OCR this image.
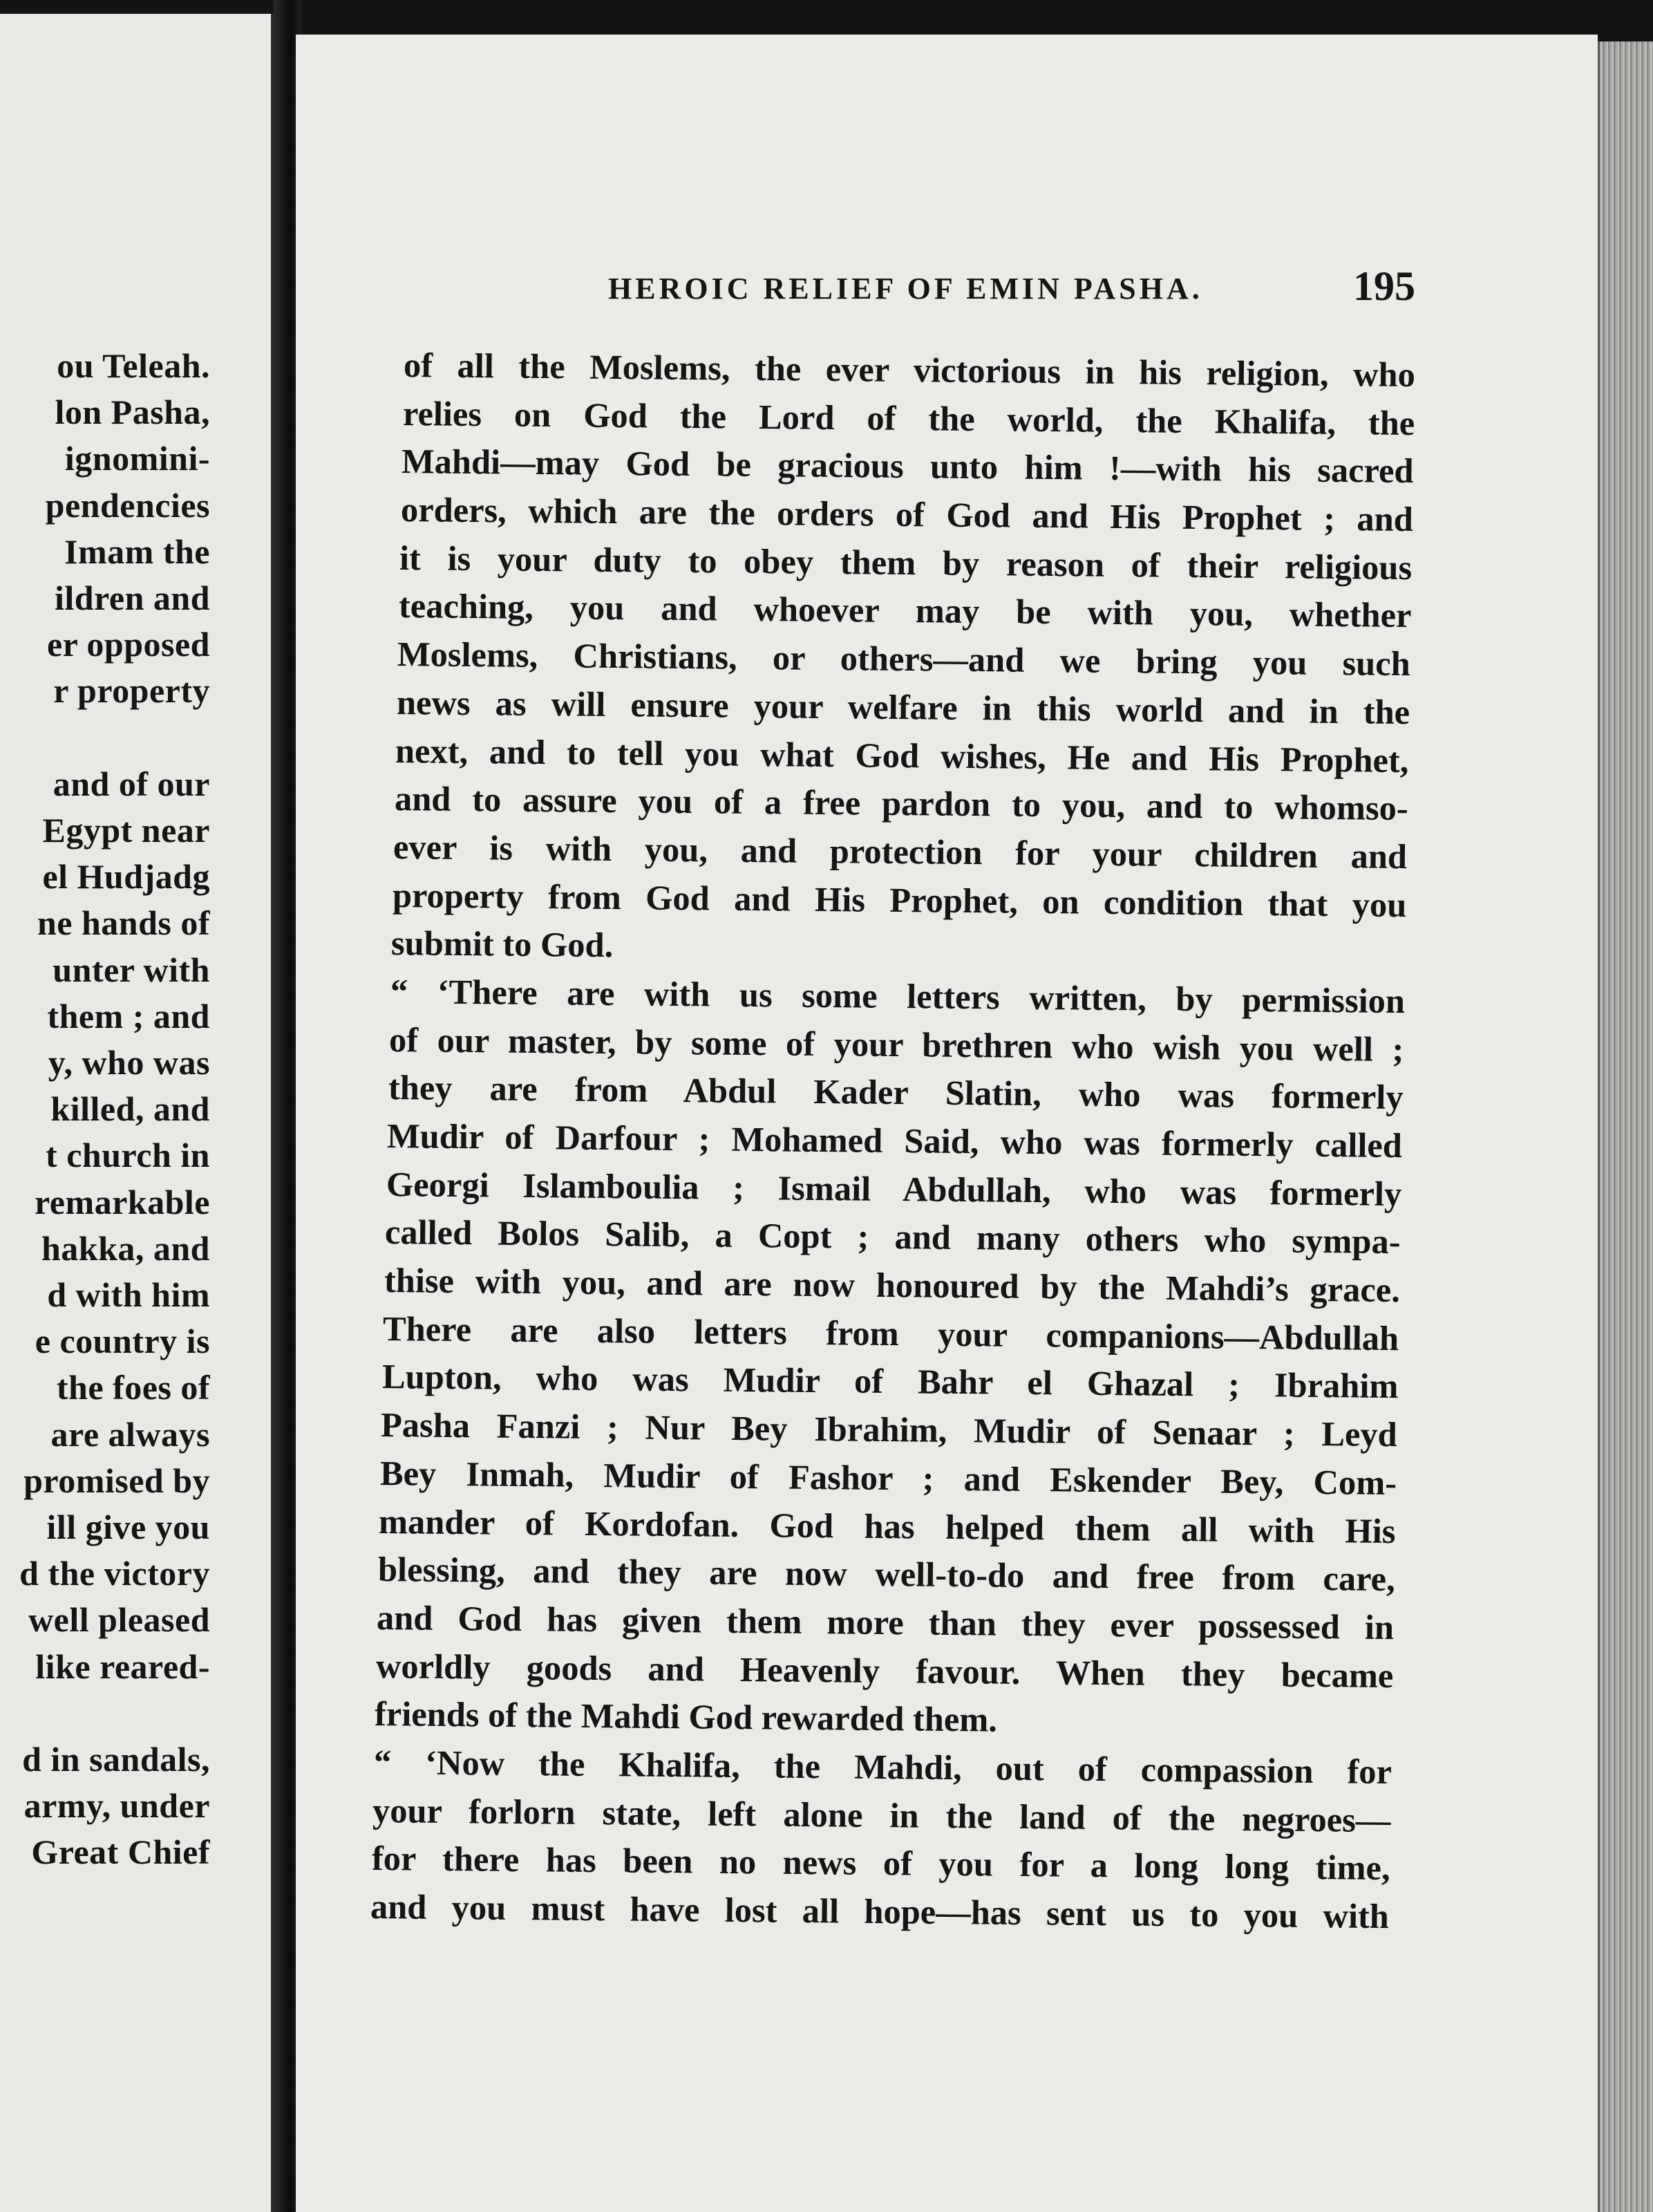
ou Teleah.
lon Pasha,
ignomini-
pendencies
Imam the
ildren and
er opposed
r property
and of our
Egypt near
el Hudjadg
ne hands of
unter with
them ; and
y, who was
killed, and
t church in
remarkable
hakka, and
d with him
e country is
the foes of
are always
promised by
ill give you
d the victory
well pleased
like reared-
d in sandals,
army, under
Great Chief
HEROIC RELIEF OF EMIN PASHA.	195
of all the Moslems, the ever victorious in his religion, who
relies on God the Lord of the world, the Khalifa, the
Mahdi—may God be gracious unto him !—with his sacred
orders, which are the orders of God and His Prophet ; and
it is your duty to obey them by reason of their religious
teaching, you and whoever may be with you, whether
Moslems, Christians, or others—and we bring you such
news as will ensure your welfare in this world and in the
next, and to tell you what God wishes, He and His Prophet,
and to assure you of a free pardon to you, and to whomso-
ever is with you, and protection for your children and
property from God and His Prophet, on condition that you
submit to God.
“ ‘There are with us some letters written, by permission
of our master, by some of your brethren who wish you well ;
they are from Abdul Kader Slatin, who was formerly
Mudir of Darfour ; Mohamed Said, who was formerly called
Georgi Islamboulia ; Ismail Abdullah, who was formerly
called Bolos Salib, a Copt ; and many others who sympa-
thise with you, and are now honoured by the Mahdi’s grace.
There are also letters from your companions—Abdullah
Lupton, who was Mudir of Bahr el Ghazal ; Ibrahim
Pasha Fanzi ; Nur Bey Ibrahim, Mudir of Senaar ; Leyd
Bey Inmah, Mudir of Fashor ; and Eskender Bey, Com-
mander of Kordofan. God has helped them all with His
blessing, and they are now well-to-do and free from care,
and God has given them more than they ever possessed in
worldly goods and Heavenly favour. When they became
friends of the Mahdi God rewarded them.
“ ‘Now the Khalifa, the Mahdi, out of compassion for
your forlorn state, left alone in the land of the negroes—
for there has been no news of you for a long long time,
and you must have lost all hope—has sent us to you with
